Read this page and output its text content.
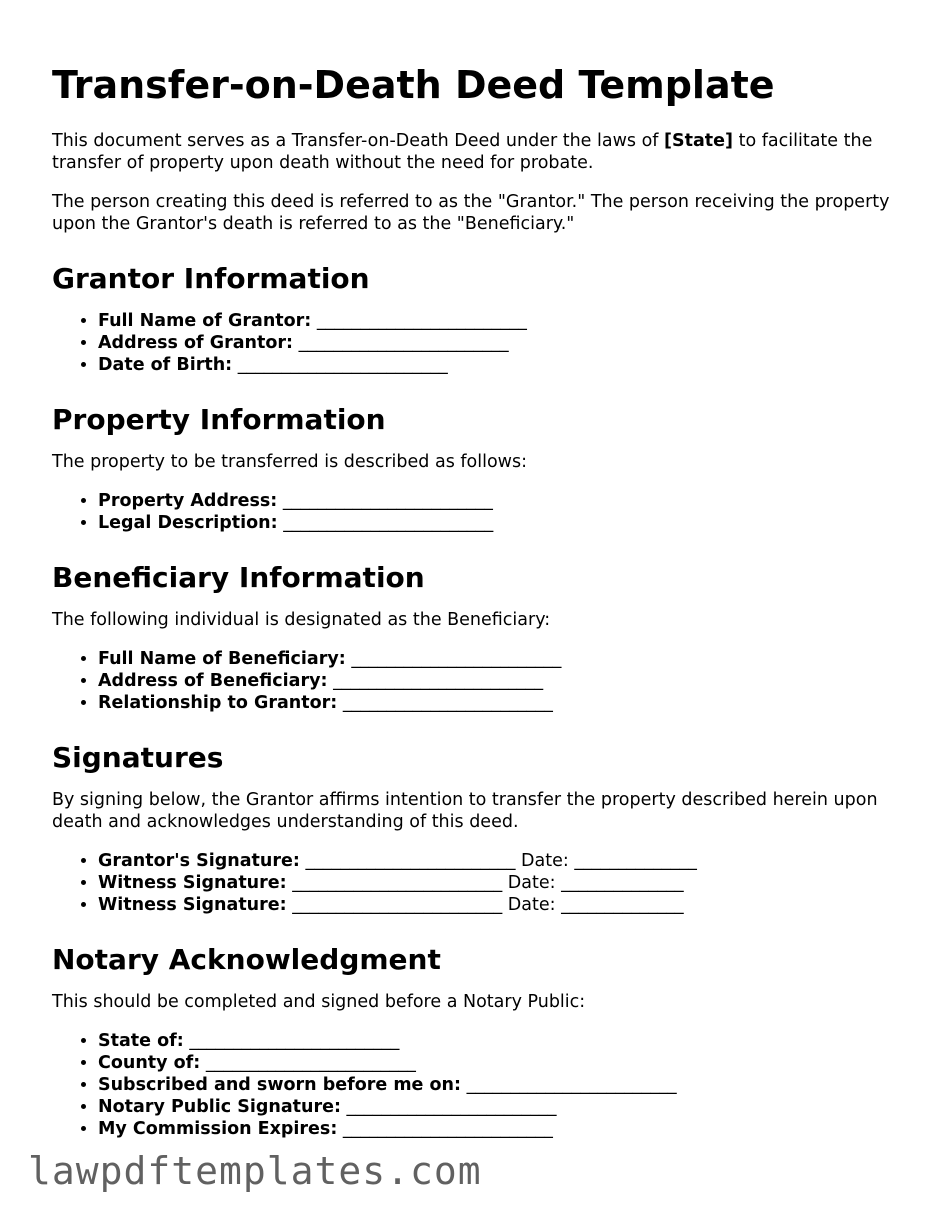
Transfer-on-Death Deed Template

This document serves as a Transfer-on-Death Deed under the laws of [State] to facilitate the transfer of property upon death without the need for probate.

The person creating this deed is referred to as the "Grantor." The person receiving the property upon the Grantor's death is referred to as the "Beneficiary."

Grantor Information
• Full Name of Grantor: ________________________
• Address of Grantor: ________________________
• Date of Birth: ________________________
Property Information

The property to be transferred is described as follows:

• Property Address: ________________________
• Legal Description: ________________________
Beneficiary Information

The following individual is designated as the Beneficiary:

• Full Name of Beneficiary: ________________________
• Address of Beneficiary: ________________________
• Relationship to Grantor: ________________________
Signatures

By signing below, the Grantor affirms intention to transfer the property described herein upon death and acknowledges understanding of this deed.

• Grantor's Signature: ________________________ Date: ______________
• Witness Signature: ________________________ Date: ______________
• Witness Signature: ________________________ Date: ______________
Notary Acknowledgment

This should be completed and signed before a Notary Public:

• State of: ________________________
• County of: ________________________
• Subscribed and sworn before me on: ________________________
• Notary Public Signature: ________________________
• My Commission Expires: ________________________
lawpdftemplates.com
